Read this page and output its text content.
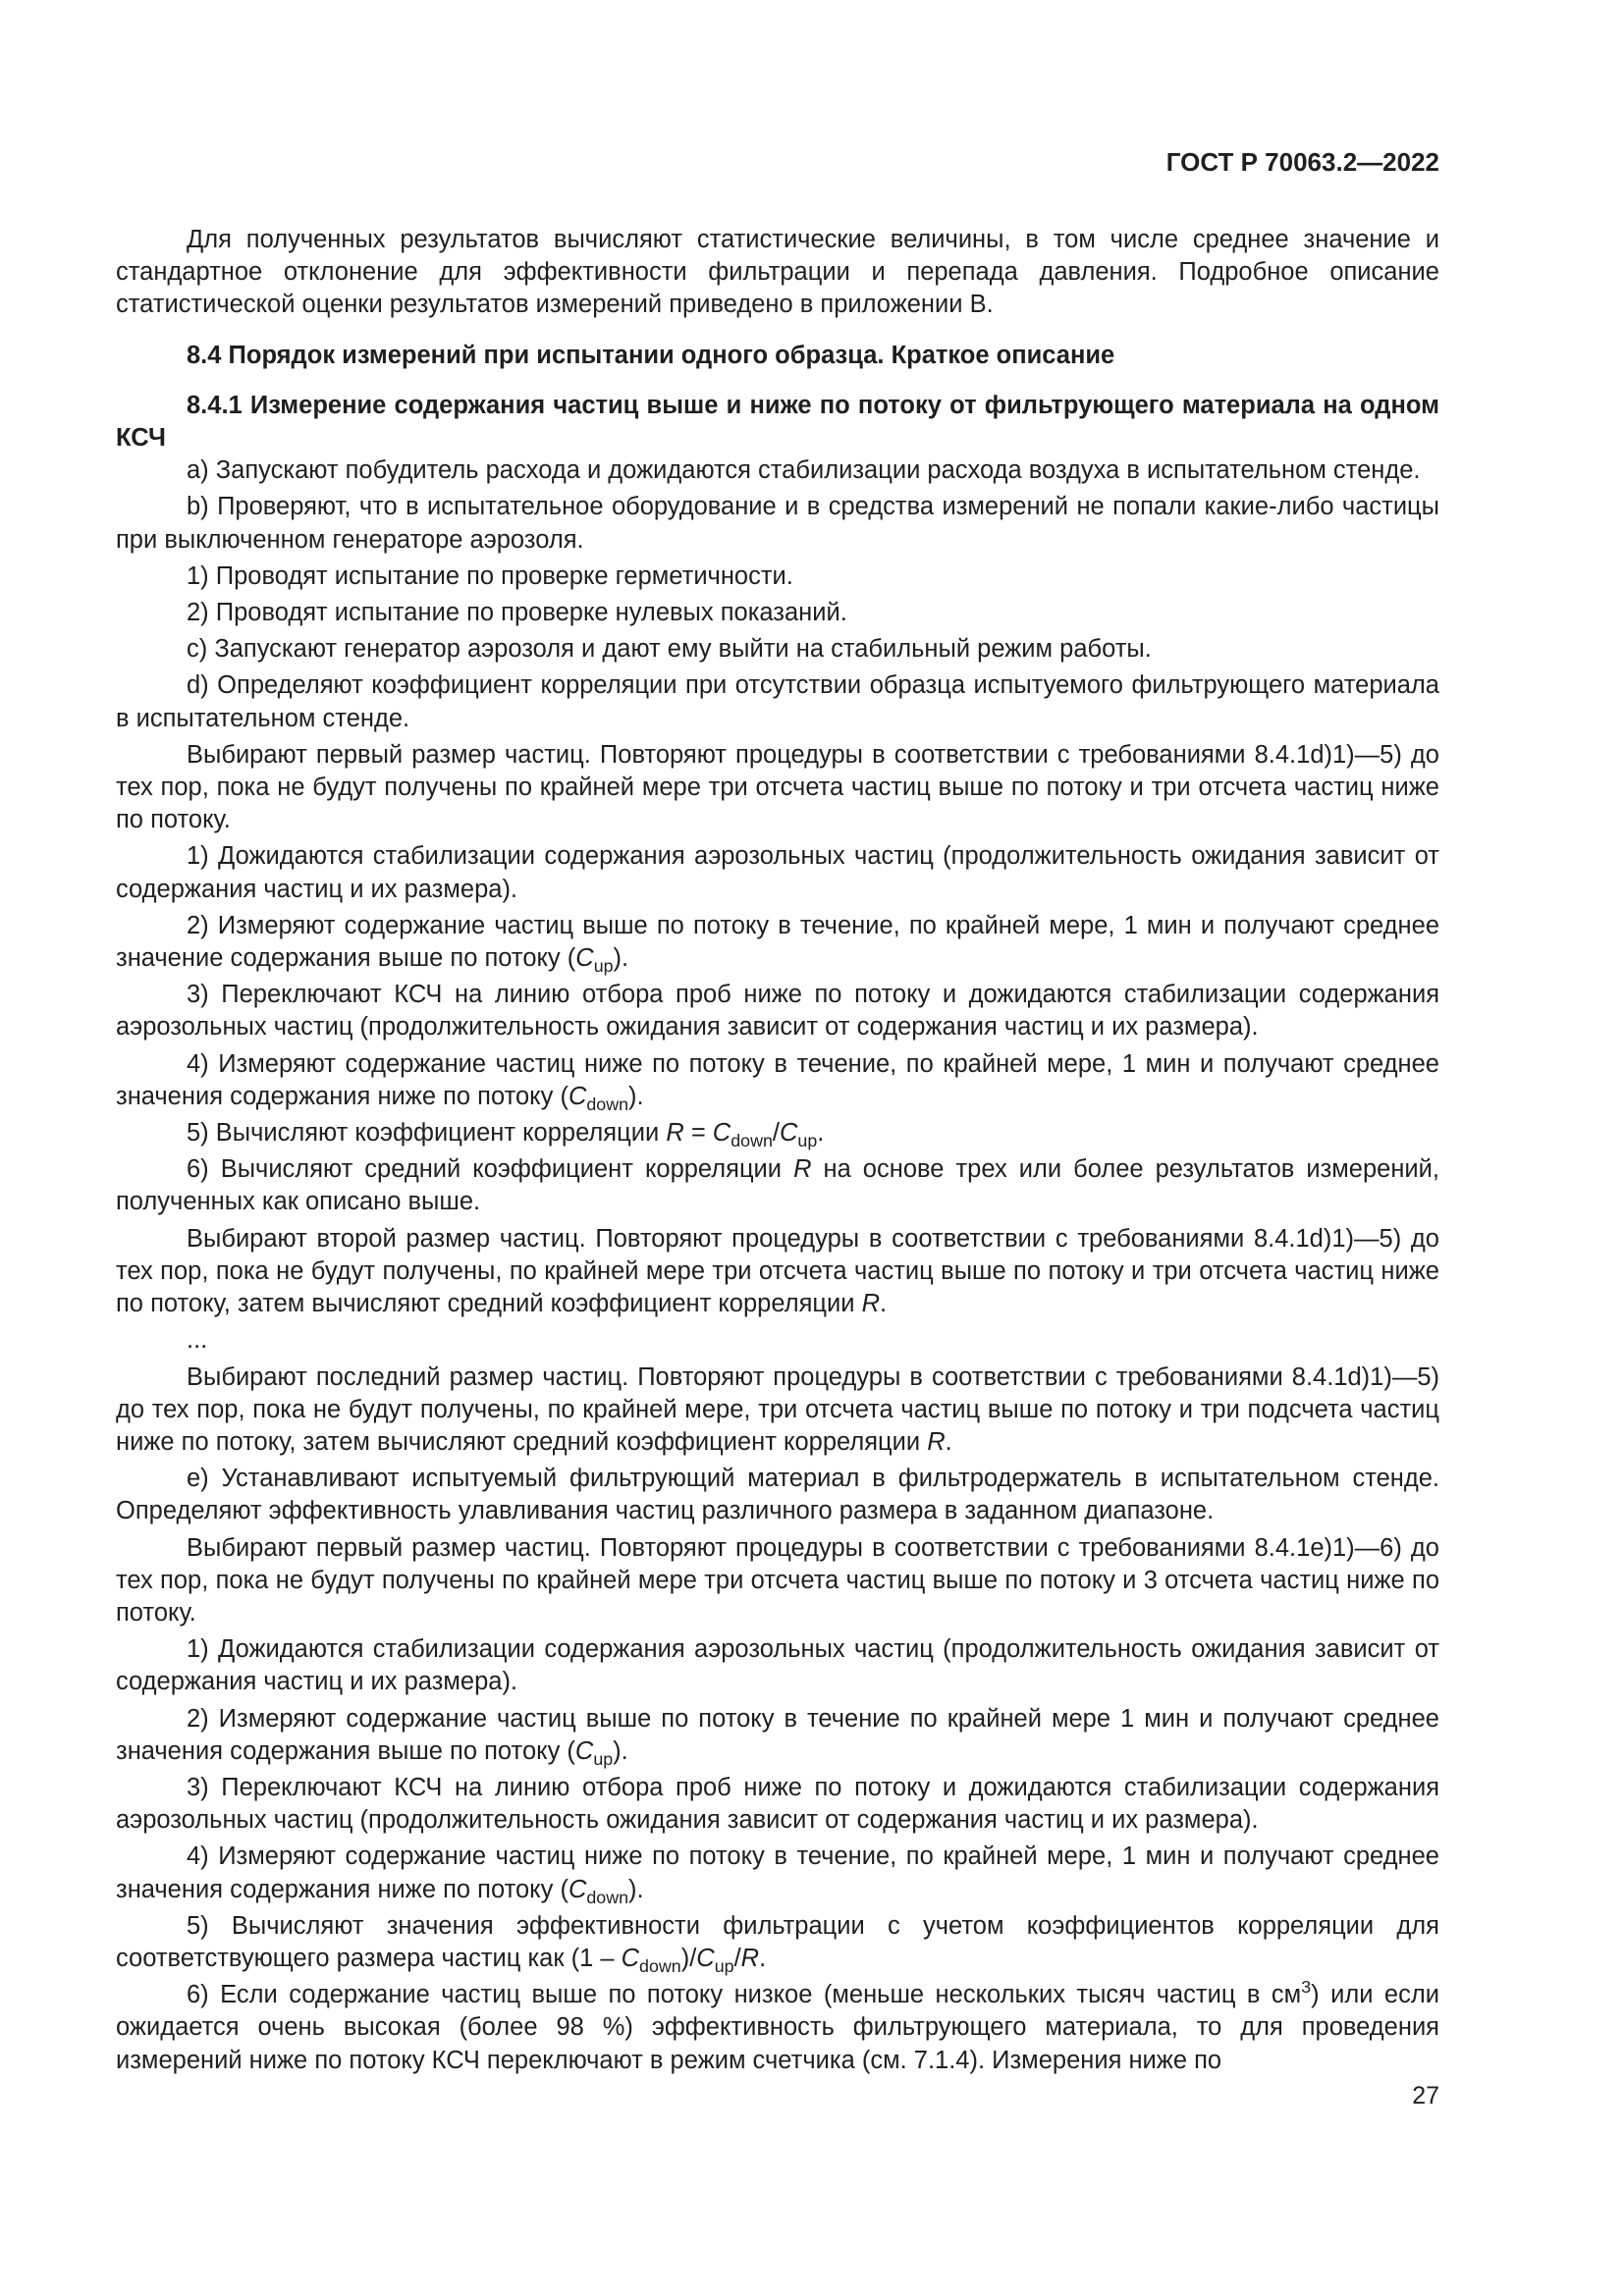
ГОСТ Р 70063.2—2022

Для полученных результатов вычисляют статистические величины, в том числе среднее значение и стандартное отклонение для эффективности фильтрации и перепада давления. Подробное описание статистической оценки результатов измерений приведено в приложении В.

8.4 Порядок измерений при испытании одного образца. Краткое описание

8.4.1 Измерение содержания частиц выше и ниже по потоку от фильтрующего материала на одном КСЧ

а) Запускают побудитель расхода и дожидаются стабилизации расхода воздуха в испытательном стенде.

b) Проверяют, что в испытательное оборудование и в средства измерений не попали какие-либо частицы при выключенном генераторе аэрозоля.

1) Проводят испытание по проверке герметичности.

2) Проводят испытание по проверке нулевых показаний.

с) Запускают генератор аэрозоля и дают ему выйти на стабильный режим работы.

d) Определяют коэффициент корреляции при отсутствии образца испытуемого фильтрующего материала в испытательном стенде.

Выбирают первый размер частиц. Повторяют процедуры в соответствии с требованиями 8.4.1d)1)—5) до тех пор, пока не будут получены по крайней мере три отсчета частиц выше по потоку и три отсчета частиц ниже по потоку.

1) Дожидаются стабилизации содержания аэрозольных частиц (продолжительность ожидания зависит от содержания частиц и их размера).

2) Измеряют содержание частиц выше по потоку в течение, по крайней мере, 1 мин и получают среднее значение содержания выше по потоку $(C_{up})$.

3) Переключают КСЧ на линию отбора проб ниже по потоку и дожидаются стабилизации содержания аэрозольных частиц (продолжительность ожидания зависит от содержания частиц и их размера).

4) Измеряют содержание частиц ниже по потоку в течение, по крайней мере, 1 мин и получают среднее значения содержания ниже по потоку $(C_{down})$.

5) Вычисляют коэффициент корреляции $R = C_{down}/C_{up}$.

6) Вычисляют средний коэффициент корреляции R на основе трех или более результатов измерений, полученных как описано выше.

Выбирают второй размер частиц. Повторяют процедуры в соответствии с требованиями 8.4.1d)1)—5) до тех пор, пока не будут получены, по крайней мере три отсчета частиц выше по потоку и три отсчета частиц ниже по потоку, затем вычисляют средний коэффициент корреляции R.

...

Выбирают последний размер частиц. Повторяют процедуры в соответствии с требованиями 8.4.1d)1)—5) до тех пор, пока не будут получены, по крайней мере, три отсчета частиц выше по потоку и три подсчета частиц ниже по потоку, затем вычисляют средний коэффициент корреляции R.

е) Устанавливают испытуемый фильтрующий материал в фильтродержатель в испытательном стенде. Определяют эффективность улавливания частиц различного размера в заданном диапазоне.

Выбирают первый размер частиц. Повторяют процедуры в соответствии с требованиями 8.4.1е)1)—6) до тех пор, пока не будут получены по крайней мере три отсчета частиц выше по потоку и 3 отсчета частиц ниже по потоку.

1) Дожидаются стабилизации содержания аэрозольных частиц (продолжительность ожидания зависит от содержания частиц и их размера).

2) Измеряют содержание частиц выше по потоку в течение по крайней мере 1 мин и получают среднее значения содержания выше по потоку $(C_{up})$.

3) Переключают КСЧ на линию отбора проб ниже по потоку и дожидаются стабилизации содержания аэрозольных частиц (продолжительность ожидания зависит от содержания частиц и их размера).

4) Измеряют содержание частиц ниже по потоку в течение, по крайней мере, 1 мин и получают среднее значения содержания ниже по потоку $(C_{down})$.

5) Вычисляют значения эффективности фильтрации с учетом коэффициентов корреляции для соответствующего размера частиц как $(1 - C_{down})/C_{up}/R$.

6) Если содержание частиц выше по потоку низкое (меньше нескольких тысяч частиц в $см^3$) или если ожидается очень высокая (более 98 %) эффективность фильтрующего материала, то для проведения измерений ниже по потоку КСЧ переключают в режим счетчика (см. 7.1.4). Измерения ниже по

27
